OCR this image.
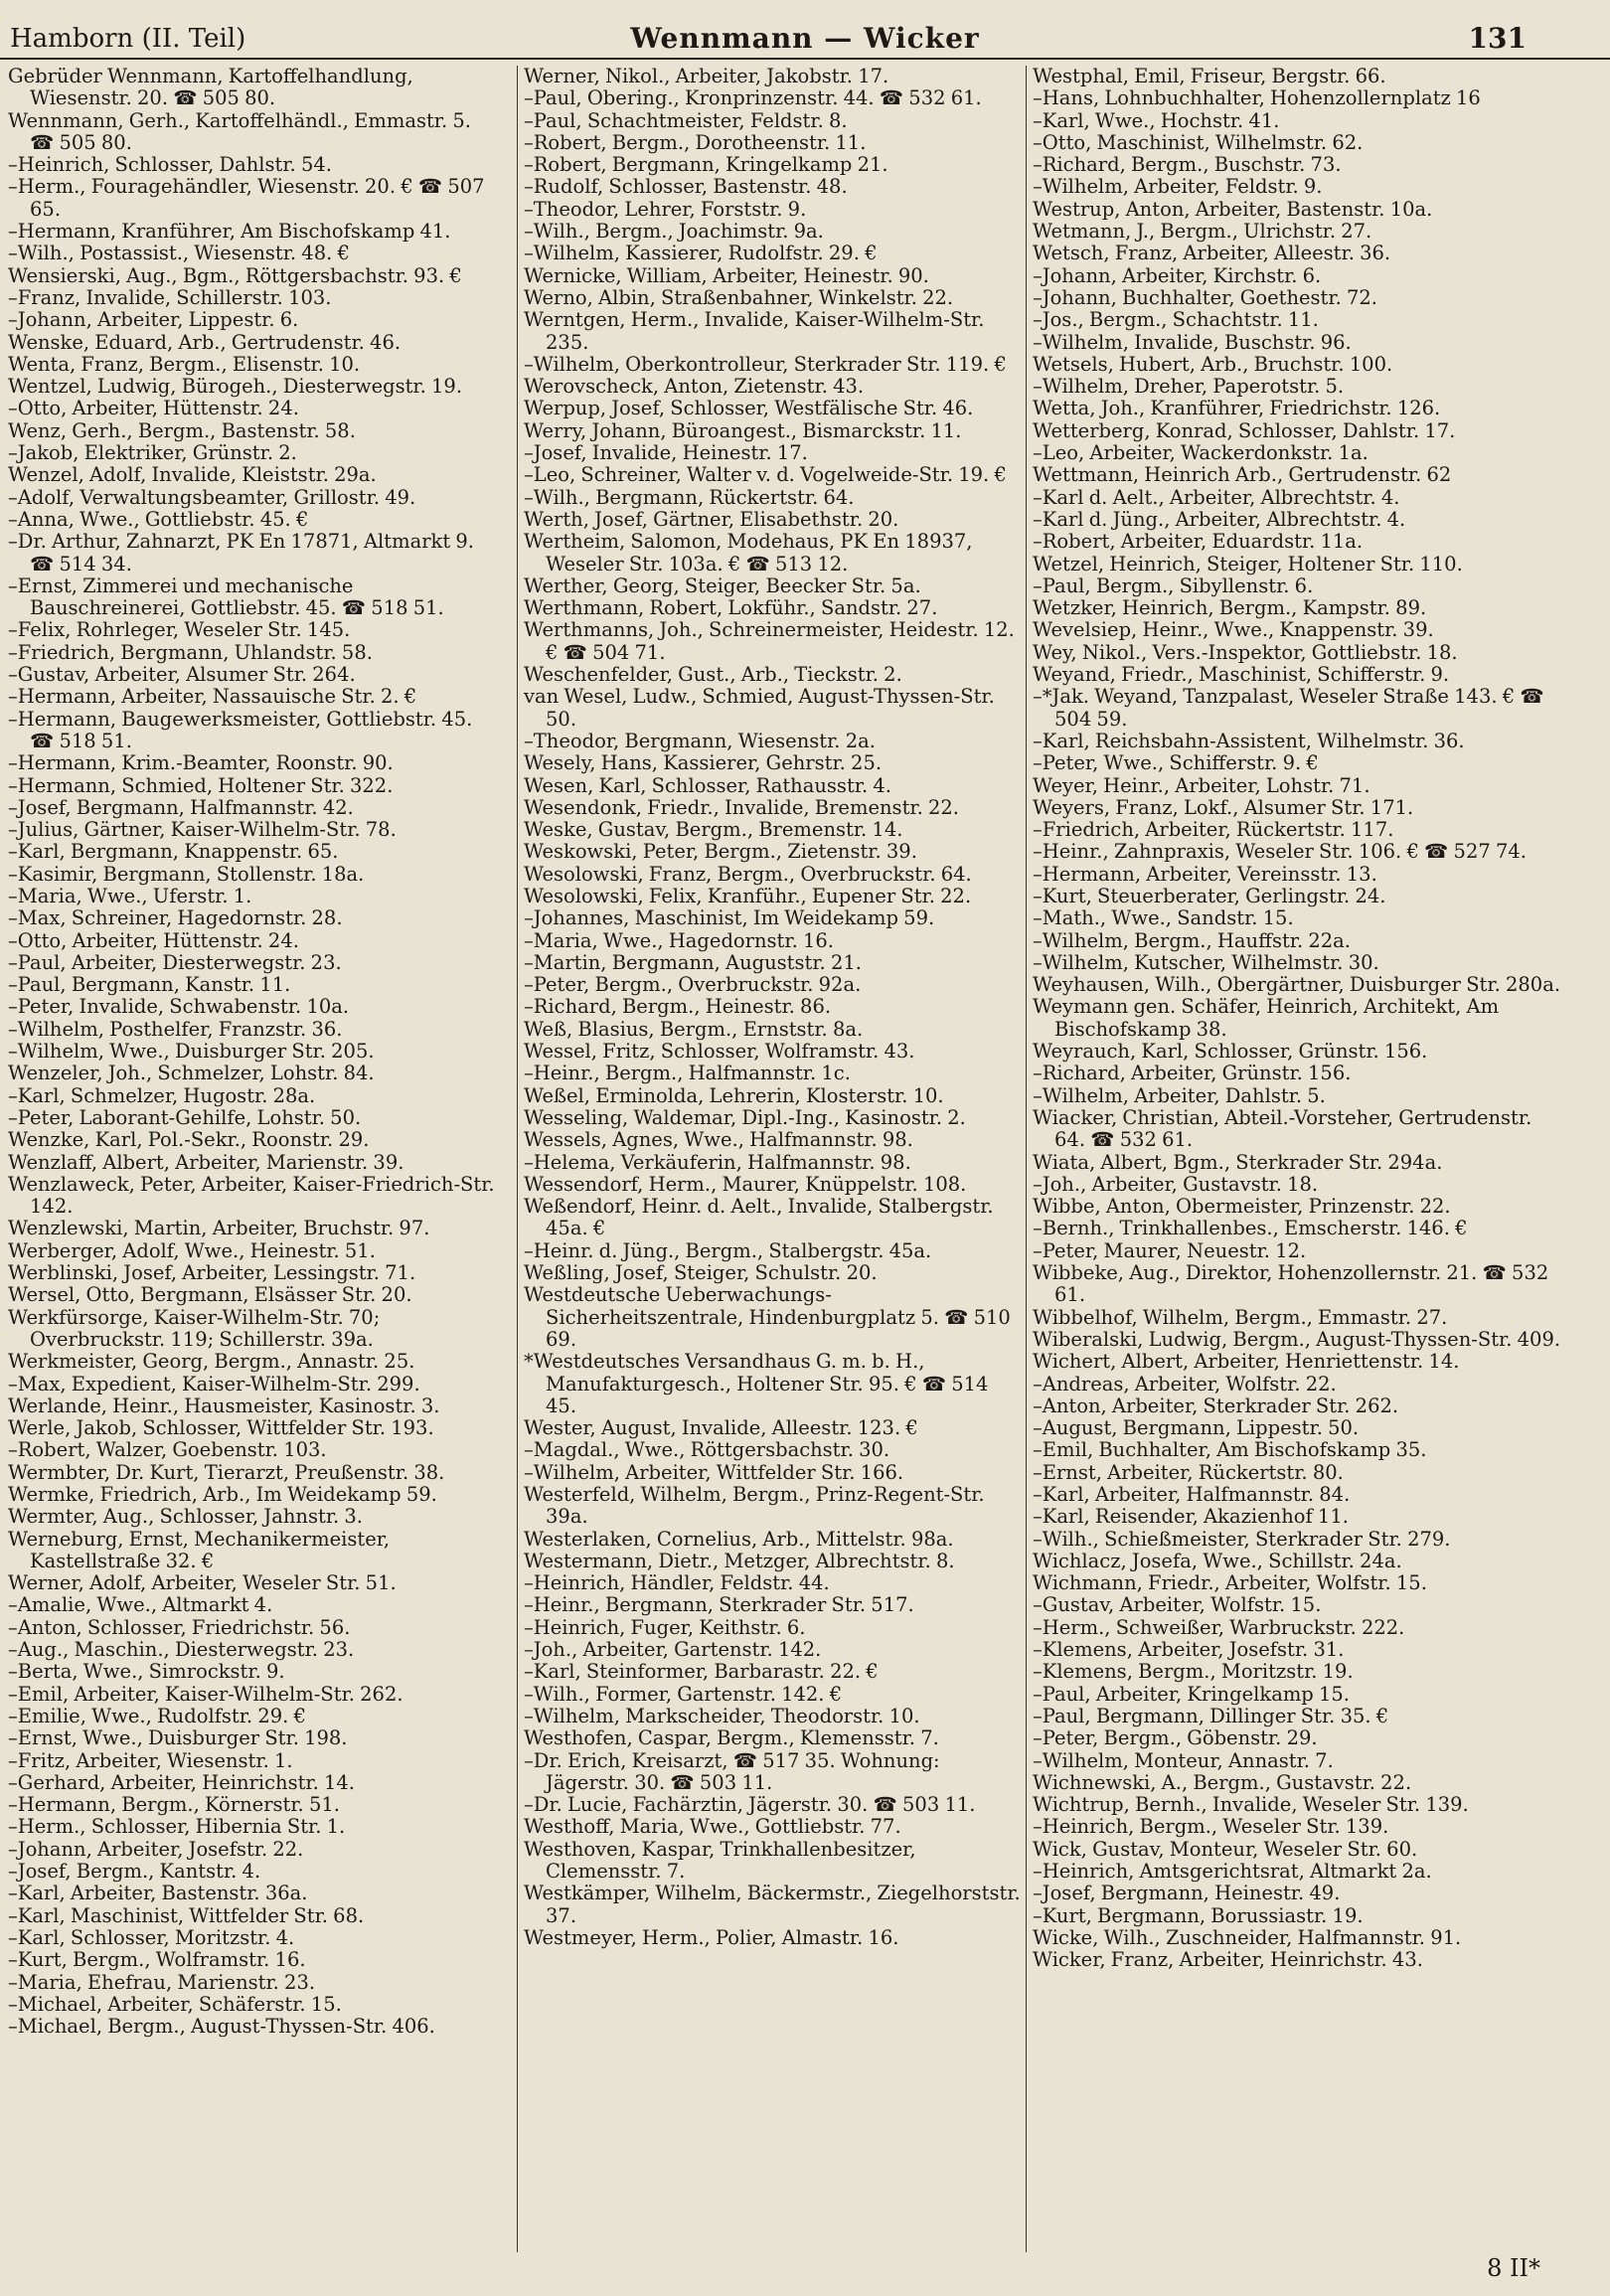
Hamborn (II. Teil)	Wennmann — Wicker	131
Gebrüder Wennmann, Kartoffelhandlung, Wiesenstr. 20. ☎ 505 80.
Wennmann, Gerh., Kartoffelhändl., Emmastr. 5. ☎ 505 80.
–Heinrich, Schlosser, Dahlstr. 54.
–Herm., Fouragehändler, Wiesenstr. 20. € ☎ 507 65.
–Hermann, Kranführer, Am Bischofskamp 41.
–Wilh., Postassist., Wiesenstr. 48. €
Wensierski, Aug., Bgm., Röttgersbachstr. 93. €
–Franz, Invalide, Schillerstr. 103.
–Johann, Arbeiter, Lippestr. 6.
Wenske, Eduard, Arb., Gertrudenstr. 46.
Wenta, Franz, Bergm., Elisenstr. 10.
Wentzel, Ludwig, Bürogeh., Diesterwegstr. 19.
–Otto, Arbeiter, Hüttenstr. 24.
Wenz, Gerh., Bergm., Bastenstr. 58.
–Jakob, Elektriker, Grünstr. 2.
Wenzel, Adolf, Invalide, Kleiststr. 29a.
–Adolf, Verwaltungsbeamter, Grillostr. 49.
–Anna, Wwe., Gottliebstr. 45. €
–Dr. Arthur, Zahnarzt, PK En 17871, Altmarkt 9. ☎ 514 34.
–Ernst, Zimmerei und mechanische Bauschreinerei, Gottliebstr. 45. ☎ 518 51.
–Felix, Rohrleger, Weseler Str. 145.
–Friedrich, Bergmann, Uhlandstr. 58.
–Gustav, Arbeiter, Alsumer Str. 264.
–Hermann, Arbeiter, Nassauische Str. 2. €
–Hermann, Baugewerksmeister, Gottliebstr. 45. ☎ 518 51.
–Hermann, Krim.-Beamter, Roonstr. 90.
–Hermann, Schmied, Holtener Str. 322.
–Josef, Bergmann, Halfmannstr. 42.
–Julius, Gärtner, Kaiser-Wilhelm-Str. 78.
–Karl, Bergmann, Knappenstr. 65.
–Kasimir, Bergmann, Stollenstr. 18a.
–Maria, Wwe., Uferstr. 1.
–Max, Schreiner, Hagedornstr. 28.
–Otto, Arbeiter, Hüttenstr. 24.
–Paul, Arbeiter, Diesterwegstr. 23.
–Paul, Bergmann, Kanstr. 11.
–Peter, Invalide, Schwabenstr. 10a.
–Wilhelm, Posthelfer, Franzstr. 36.
–Wilhelm, Wwe., Duisburger Str. 205.
Wenzeler, Joh., Schmelzer, Lohstr. 84.
–Karl, Schmelzer, Hugostr. 28a.
–Peter, Laborant-Gehilfe, Lohstr. 50.
Wenzke, Karl, Pol.-Sekr., Roonstr. 29.
Wenzlaff, Albert, Arbeiter, Marienstr. 39.
Wenzlaweck, Peter, Arbeiter, Kaiser-Friedrich-Str. 142.
Wenzlewski, Martin, Arbeiter, Bruchstr. 97.
Werberger, Adolf, Wwe., Heinestr. 51.
Werblinski, Josef, Arbeiter, Lessingstr. 71.
Wersel, Otto, Bergmann, Elsässer Str. 20.
Werkfürsorge, Kaiser-Wilhelm-Str. 70; Overbruckstr. 119; Schillerstr. 39a.
Werkmeister, Georg, Bergm., Annastr. 25.
–Max, Expedient, Kaiser-Wilhelm-Str. 299.
Werlande, Heinr., Hausmeister, Kasinostr. 3.
Werle, Jakob, Schlosser, Wittfelder Str. 193.
–Robert, Walzer, Goebenstr. 103.
Wermbter, Dr. Kurt, Tierarzt, Preußenstr. 38.
Wermke, Friedrich, Arb., Im Weidekamp 59.
Wermter, Aug., Schlosser, Jahnstr. 3.
Werneburg, Ernst, Mechanikermeister, Kastellstraße 32. €
Werner, Adolf, Arbeiter, Weseler Str. 51.
–Amalie, Wwe., Altmarkt 4.
–Anton, Schlosser, Friedrichstr. 56.
–Aug., Maschin., Diesterwegstr. 23.
–Berta, Wwe., Simrockstr. 9.
–Emil, Arbeiter, Kaiser-Wilhelm-Str. 262.
–Emilie, Wwe., Rudolfstr. 29. €
–Ernst, Wwe., Duisburger Str. 198.
–Fritz, Arbeiter, Wiesenstr. 1.
–Gerhard, Arbeiter, Heinrichstr. 14.
–Hermann, Bergm., Körnerstr. 51.
–Herm., Schlosser, Hibernia Str. 1.
–Johann, Arbeiter, Josefstr. 22.
–Josef, Bergm., Kantstr. 4.
–Karl, Arbeiter, Bastenstr. 36a.
–Karl, Maschinist, Wittfelder Str. 68.
–Karl, Schlosser, Moritzstr. 4.
–Kurt, Bergm., Wolframstr. 16.
–Maria, Ehefrau, Marienstr. 23.
–Michael, Arbeiter, Schäferstr. 15.
–Michael, Bergm., August-Thyssen-Str. 406.
Werner, Nikol., Arbeiter, Jakobstr. 17.
–Paul, Obering., Kronprinzenstr. 44. ☎ 532 61.
–Paul, Schachtmeister, Feldstr. 8.
–Robert, Bergm., Dorotheenstr. 11.
–Robert, Bergmann, Kringelkamp 21.
–Rudolf, Schlosser, Bastenstr. 48.
–Theodor, Lehrer, Forststr. 9.
–Wilh., Bergm., Joachimstr. 9a.
–Wilhelm, Kassierer, Rudolfstr. 29. €
Wernicke, William, Arbeiter, Heinestr. 90.
Werno, Albin, Straßenbahner, Winkelstr. 22.
Werntgen, Herm., Invalide, Kaiser-Wilhelm-Str. 235.
–Wilhelm, Oberkontrolleur, Sterkrader Str. 119. €
Werovscheck, Anton, Zietenstr. 43.
Werpup, Josef, Schlosser, Westfälische Str. 46.
Werry, Johann, Büroangest., Bismarckstr. 11.
–Josef, Invalide, Heinestr. 17.
–Leo, Schreiner, Walter v. d. Vogelweide-Str. 19. €
–Wilh., Bergmann, Rückertstr. 64.
Werth, Josef, Gärtner, Elisabethstr. 20.
Wertheim, Salomon, Modehaus, PK En 18937, Weseler Str. 103a. € ☎ 513 12.
Werther, Georg, Steiger, Beecker Str. 5a.
Werthmann, Robert, Lokführ., Sandstr. 27.
Werthmanns, Joh., Schreinermeister, Heidestr. 12. € ☎ 504 71.
Weschenfelder, Gust., Arb., Tieckstr. 2.
van Wesel, Ludw., Schmied, August-Thyssen-Str. 50.
–Theodor, Bergmann, Wiesenstr. 2a.
Wesely, Hans, Kassierer, Gehrstr. 25.
Wesen, Karl, Schlosser, Rathausstr. 4.
Wesendonk, Friedr., Invalide, Bremenstr. 22.
Weske, Gustav, Bergm., Bremenstr. 14.
Weskowski, Peter, Bergm., Zietenstr. 39.
Wesolowski, Franz, Bergm., Overbruckstr. 64.
Wesolowski, Felix, Kranführ., Eupener Str. 22.
–Johannes, Maschinist, Im Weidekamp 59.
–Maria, Wwe., Hagedornstr. 16.
–Martin, Bergmann, Auguststr. 21.
–Peter, Bergm., Overbruckstr. 92a.
–Richard, Bergm., Heinestr. 86.
Weß, Blasius, Bergm., Ernststr. 8a.
Wessel, Fritz, Schlosser, Wolframstr. 43.
–Heinr., Bergm., Halfmannstr. 1c.
Weßel, Erminolda, Lehrerin, Klosterstr. 10.
Wesseling, Waldemar, Dipl.-Ing., Kasinostr. 2.
Wessels, Agnes, Wwe., Halfmannstr. 98.
–Helema, Verkäuferin, Halfmannstr. 98.
Wessendorf, Herm., Maurer, Knüppelstr. 108.
Weßendorf, Heinr. d. Aelt., Invalide, Stalbergstr. 45a. €
–Heinr. d. Jüng., Bergm., Stalbergstr. 45a.
Weßling, Josef, Steiger, Schulstr. 20.
Westdeutsche Ueberwachungs-Sicherheitszentrale, Hindenburgplatz 5. ☎ 510 69.
*Westdeutsches Versandhaus G. m. b. H., Manufakturgesch., Holtener Str. 95. € ☎ 514 45.
Wester, August, Invalide, Alleestr. 123. €
–Magdal., Wwe., Röttgersbachstr. 30.
–Wilhelm, Arbeiter, Wittfelder Str. 166.
Westerfeld, Wilhelm, Bergm., Prinz-Regent-Str. 39a.
Westerlaken, Cornelius, Arb., Mittelstr. 98a.
Westermann, Dietr., Metzger, Albrechtstr. 8.
–Heinrich, Händler, Feldstr. 44.
–Heinr., Bergmann, Sterkrader Str. 517.
–Heinrich, Fuger, Keithstr. 6.
–Joh., Arbeiter, Gartenstr. 142.
–Karl, Steinformer, Barbarastr. 22. €
–Wilh., Former, Gartenstr. 142. €
–Wilhelm, Markscheider, Theodorstr. 10.
Westhofen, Caspar, Bergm., Klemensstr. 7.
–Dr. Erich, Kreisarzt, ☎ 517 35. Wohnung: Jägerstr. 30. ☎ 503 11.
–Dr. Lucie, Fachärztin, Jägerstr. 30. ☎ 503 11.
Westhoff, Maria, Wwe., Gottliebstr. 77.
Westhoven, Kaspar, Trinkhallenbesitzer, Clemensstr. 7.
Westkämper, Wilhelm, Bäckermstr., Ziegelhorststr. 37.
Westmeyer, Herm., Polier, Almastr. 16.
Westphal, Emil, Friseur, Bergstr. 66.
–Hans, Lohnbuchhalter, Hohenzollernplatz 16
–Karl, Wwe., Hochstr. 41.
–Otto, Maschinist, Wilhelmstr. 62.
–Richard, Bergm., Buschstr. 73.
–Wilhelm, Arbeiter, Feldstr. 9.
Westrup, Anton, Arbeiter, Bastenstr. 10a.
Wetmann, J., Bergm., Ulrichstr. 27.
Wetsch, Franz, Arbeiter, Alleestr. 36.
–Johann, Arbeiter, Kirchstr. 6.
–Johann, Buchhalter, Goethestr. 72.
–Jos., Bergm., Schachtstr. 11.
–Wilhelm, Invalide, Buschstr. 96.
Wetsels, Hubert, Arb., Bruchstr. 100.
–Wilhelm, Dreher, Paperotstr. 5.
Wetta, Joh., Kranführer, Friedrichstr. 126.
Wetterberg, Konrad, Schlosser, Dahlstr. 17.
–Leo, Arbeiter, Wackerdonkstr. 1a.
Wettmann, Heinrich Arb., Gertrudenstr. 62
–Karl d. Aelt., Arbeiter, Albrechtstr. 4.
–Karl d. Jüng., Arbeiter, Albrechtstr. 4.
–Robert, Arbeiter, Eduardstr. 11a.
Wetzel, Heinrich, Steiger, Holtener Str. 110.
–Paul, Bergm., Sibyllenstr. 6.
Wetzker, Heinrich, Bergm., Kampstr. 89.
Wevelsiep, Heinr., Wwe., Knappenstr. 39.
Wey, Nikol., Vers.-Inspektor, Gottliebstr. 18.
Weyand, Friedr., Maschinist, Schifferstr. 9.
–*Jak. Weyand, Tanzpalast, Weseler Straße 143. € ☎ 504 59.
–Karl, Reichsbahn-Assistent, Wilhelmstr. 36.
–Peter, Wwe., Schifferstr. 9. €
Weyer, Heinr., Arbeiter, Lohstr. 71.
Weyers, Franz, Lokf., Alsumer Str. 171.
–Friedrich, Arbeiter, Rückertstr. 117.
–Heinr., Zahnpraxis, Weseler Str. 106. € ☎ 527 74.
–Hermann, Arbeiter, Vereinsstr. 13.
–Kurt, Steuerberater, Gerlingstr. 24.
–Math., Wwe., Sandstr. 15.
–Wilhelm, Bergm., Hauffstr. 22a.
–Wilhelm, Kutscher, Wilhelmstr. 30.
Weyhausen, Wilh., Obergärtner, Duisburger Str. 280a.
Weymann gen. Schäfer, Heinrich, Architekt, Am Bischofskamp 38.
Weyrauch, Karl, Schlosser, Grünstr. 156.
–Richard, Arbeiter, Grünstr. 156.
–Wilhelm, Arbeiter, Dahlstr. 5.
Wiacker, Christian, Abteil.-Vorsteher, Gertrudenstr. 64. ☎ 532 61.
Wiata, Albert, Bgm., Sterkrader Str. 294a.
–Joh., Arbeiter, Gustavstr. 18.
Wibbe, Anton, Obermeister, Prinzenstr. 22.
–Bernh., Trinkhallenbes., Emscherstr. 146. €
–Peter, Maurer, Neuestr. 12.
Wibbeke, Aug., Direktor, Hohenzollernstr. 21. ☎ 532 61.
Wibbelhof, Wilhelm, Bergm., Emmastr. 27.
Wiberalski, Ludwig, Bergm., August-Thyssen-Str. 409.
Wichert, Albert, Arbeiter, Henriettenstr. 14.
–Andreas, Arbeiter, Wolfstr. 22.
–Anton, Arbeiter, Sterkrader Str. 262.
–August, Bergmann, Lippestr. 50.
–Emil, Buchhalter, Am Bischofskamp 35.
–Ernst, Arbeiter, Rückertstr. 80.
–Karl, Arbeiter, Halfmannstr. 84.
–Karl, Reisender, Akazienhof 11.
–Wilh., Schießmeister, Sterkrader Str. 279.
Wichlacz, Josefa, Wwe., Schillstr. 24a.
Wichmann, Friedr., Arbeiter, Wolfstr. 15.
–Gustav, Arbeiter, Wolfstr. 15.
–Herm., Schweißer, Warbruckstr. 222.
–Klemens, Arbeiter, Josefstr. 31.
–Klemens, Bergm., Moritzstr. 19.
–Paul, Arbeiter, Kringelkamp 15.
–Paul, Bergmann, Dillinger Str. 35. €
–Peter, Bergm., Göbenstr. 29.
–Wilhelm, Monteur, Annastr. 7.
Wichnewski, A., Bergm., Gustavstr. 22.
Wichtrup, Bernh., Invalide, Weseler Str. 139.
–Heinrich, Bergm., Weseler Str. 139.
Wick, Gustav, Monteur, Weseler Str. 60.
–Heinrich, Amtsgerichtsrat, Altmarkt 2a.
–Josef, Bergmann, Heinestr. 49.
–Kurt, Bergmann, Borussiastr. 19.
Wicke, Wilh., Zuschneider, Halfmannstr. 91.
Wicker, Franz, Arbeiter, Heinrichstr. 43.
8 II*
